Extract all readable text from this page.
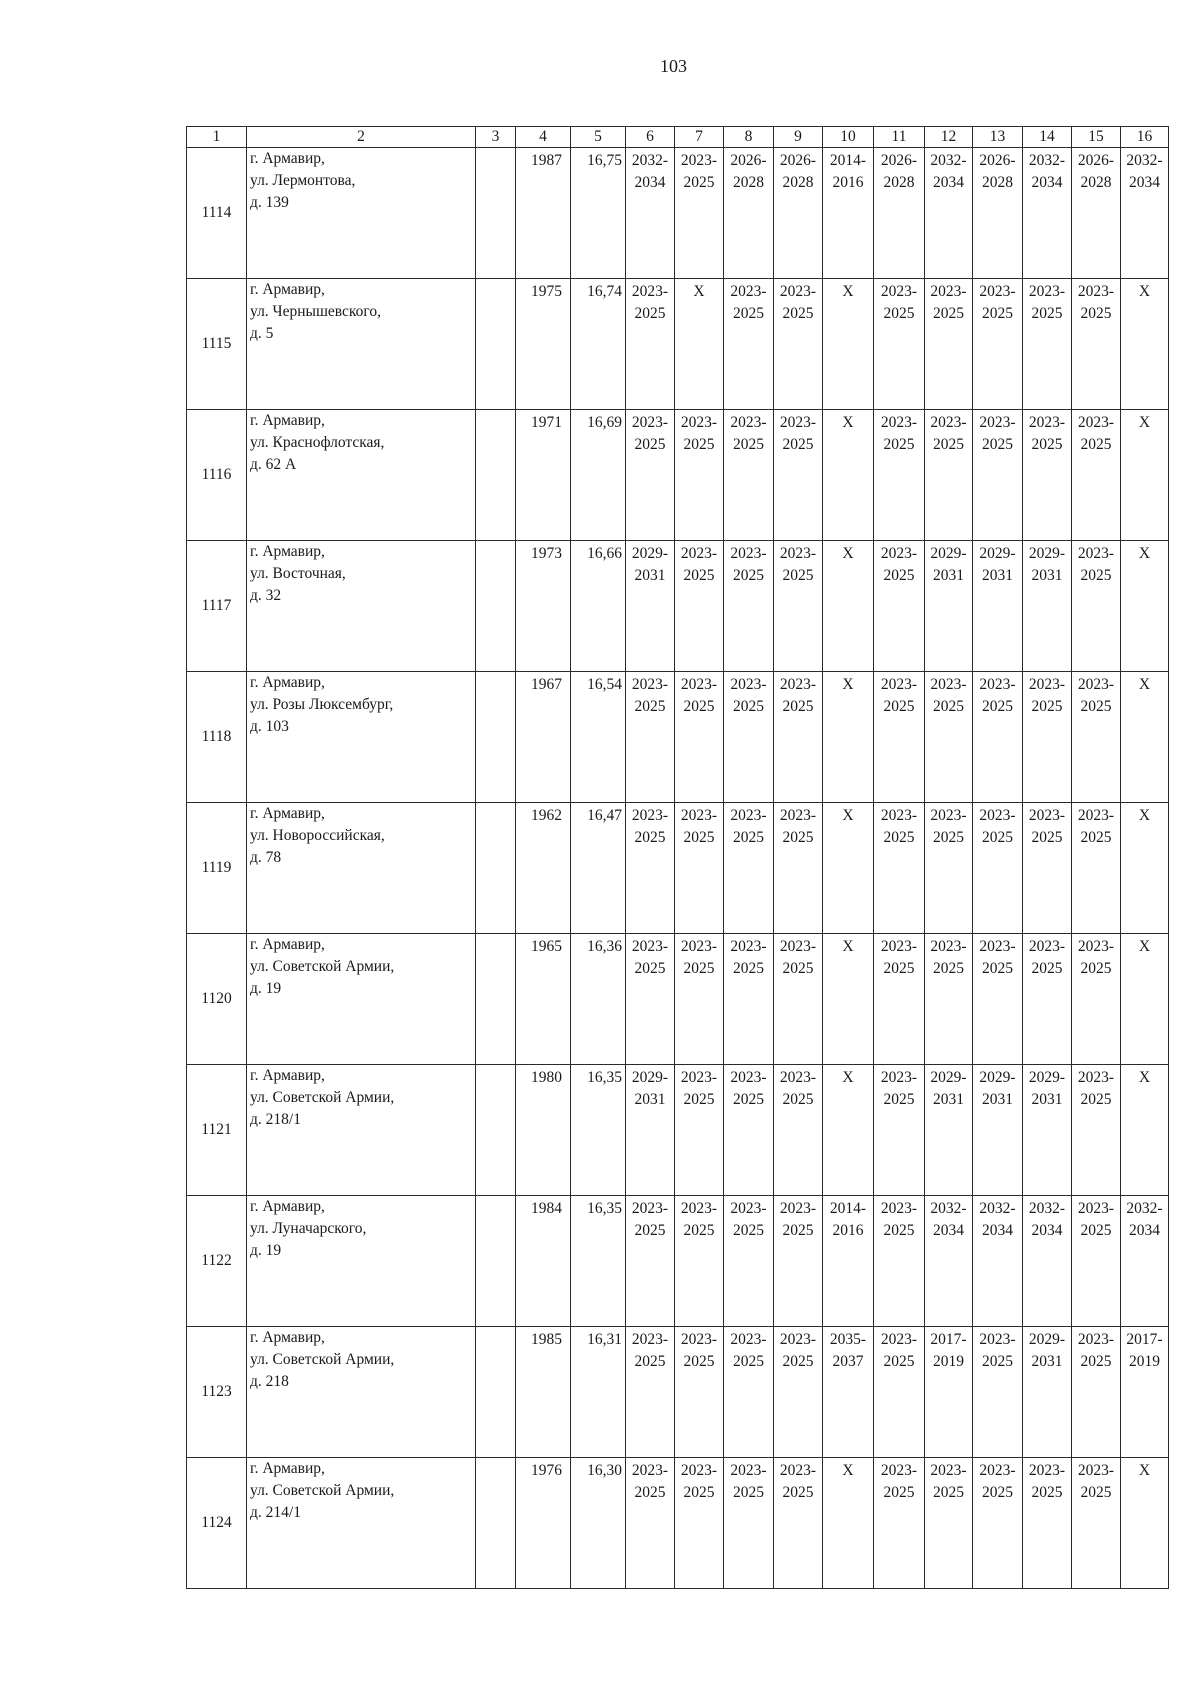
103
1	2	3	4	5	6	7	8	9	10	11	12	13	14	15	16
1114	г. Армавир,
ул. Лермонтова,
д. 139		1987	16,75	2032-
2034	2023-
2025	2026-
2028	2026-
2028	2014-
2016	2026-
2028	2032-
2034	2026-
2028	2032-
2034	2026-
2028	2032-
2034

1115	г. Армавир,
ул. Чернышевского,
д. 5		1975	16,74	2023-
2025	X	2023-
2025	2023-
2025	X	2023-
2025	2023-
2025	2023-
2025	2023-
2025	2023-
2025	X

1116	г. Армавир,
ул. Краснофлотская,
д. 62 А		1971	16,69	2023-
2025	2023-
2025	2023-
2025	2023-
2025	X	2023-
2025	2023-
2025	2023-
2025	2023-
2025	2023-
2025	X

1117	г. Армавир,
ул. Восточная,
д. 32		1973	16,66	2029-
2031	2023-
2025	2023-
2025	2023-
2025	X	2023-
2025	2029-
2031	2029-
2031	2029-
2031	2023-
2025	X

1118	г. Армавир,
ул. Розы Люксембург,
д. 103		1967	16,54	2023-
2025	2023-
2025	2023-
2025	2023-
2025	X	2023-
2025	2023-
2025	2023-
2025	2023-
2025	2023-
2025	X

1119	г. Армавир,
ул. Новороссийская,
д. 78		1962	16,47	2023-
2025	2023-
2025	2023-
2025	2023-
2025	X	2023-
2025	2023-
2025	2023-
2025	2023-
2025	2023-
2025	X

1120	г. Армавир,
ул. Советской Армии,
д. 19		1965	16,36	2023-
2025	2023-
2025	2023-
2025	2023-
2025	X	2023-
2025	2023-
2025	2023-
2025	2023-
2025	2023-
2025	X

1121	г. Армавир,
ул. Советской Армии,
д. 218/1		1980	16,35	2029-
2031	2023-
2025	2023-
2025	2023-
2025	X	2023-
2025	2029-
2031	2029-
2031	2029-
2031	2023-
2025	X

1122	г. Армавир,
ул. Луначарского,
д. 19		1984	16,35	2023-
2025	2023-
2025	2023-
2025	2023-
2025	2014-
2016	2023-
2025	2032-
2034	2032-
2034	2032-
2034	2023-
2025	2032-
2034

1123	г. Армавир,
ул. Советской Армии,
д. 218		1985	16,31	2023-
2025	2023-
2025	2023-
2025	2023-
2025	2035-
2037	2023-
2025	2017-
2019	2023-
2025	2029-
2031	2023-
2025	2017-
2019

1124	г. Армавир,
ул. Советской Армии,
д. 214/1		1976	16,30	2023-
2025	2023-
2025	2023-
2025	2023-
2025	X	2023-
2025	2023-
2025	2023-
2025	2023-
2025	2023-
2025	X
